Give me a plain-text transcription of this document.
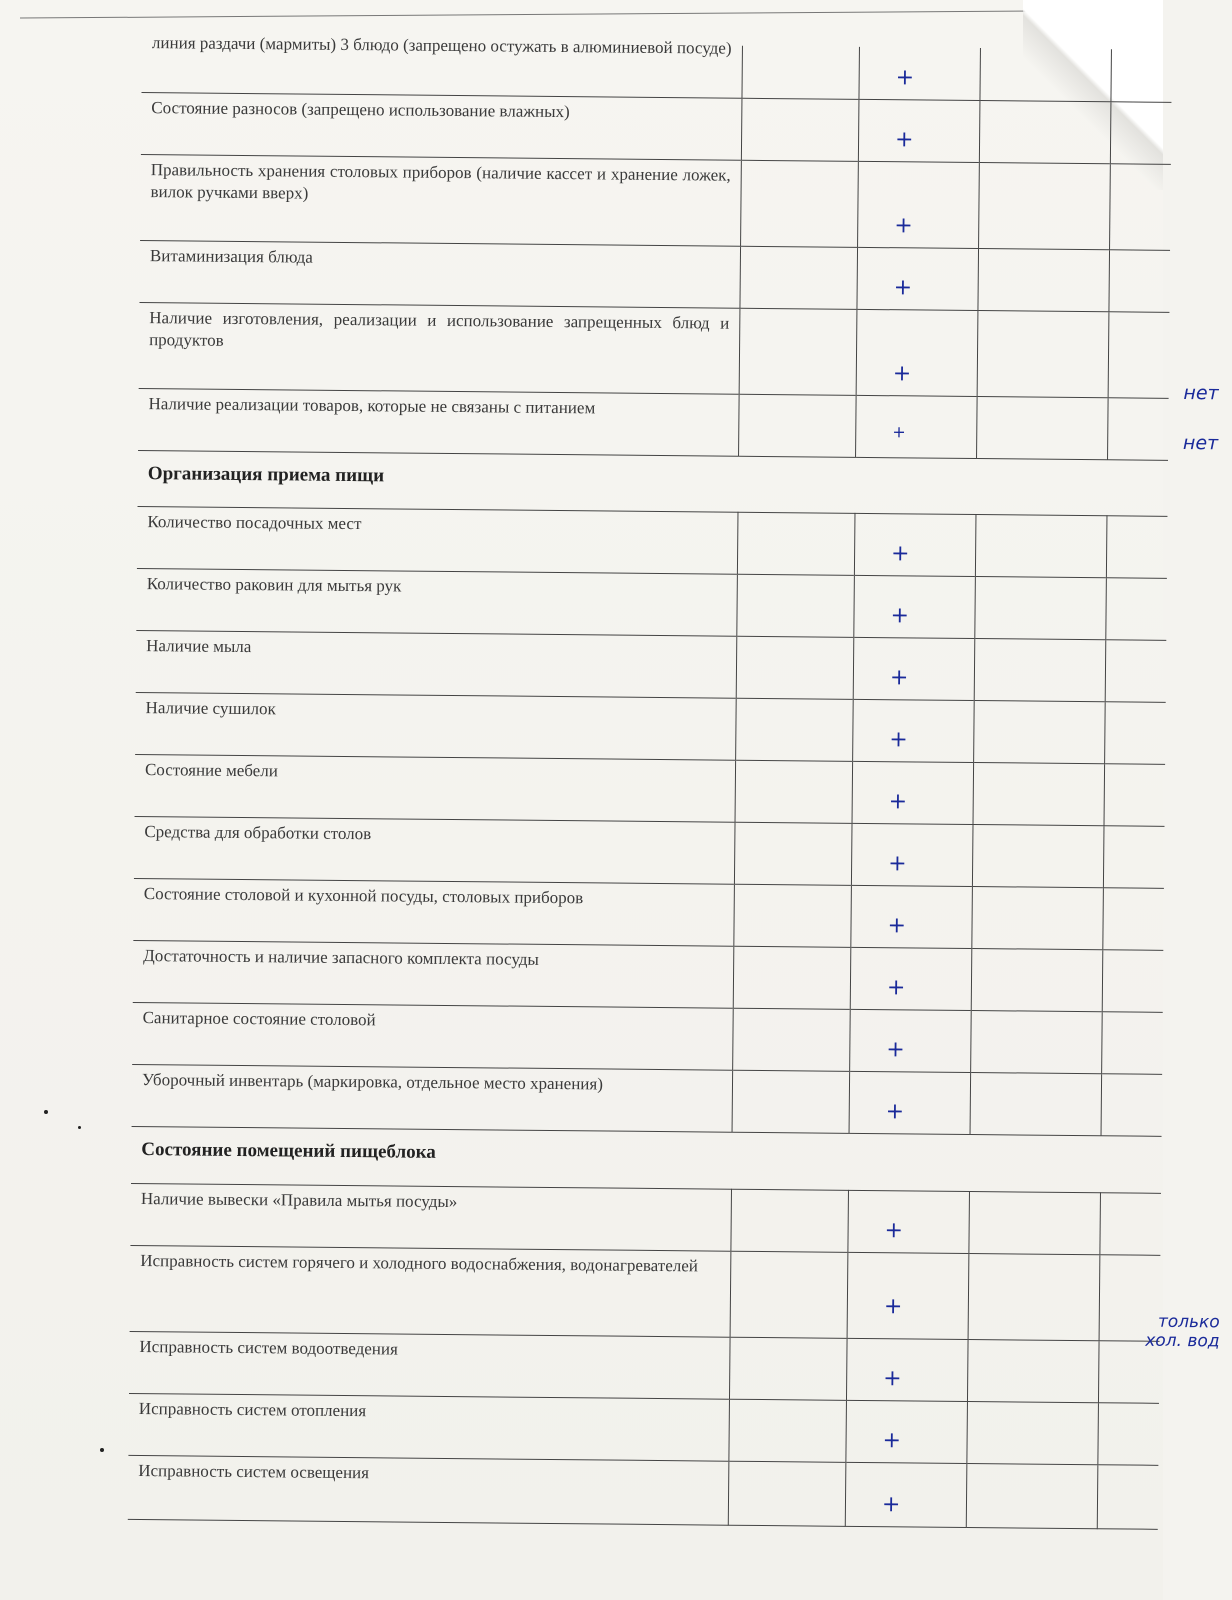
линия раздачи (мармиты) 3 блюдо (запрещено остужать в алюминиевой посуде)		+		

Состояние разносов (запрещено использование влажных)		+		

Правильность хранения столовых приборов (наличие кассет и хранение ложек, вилок ручками вверх)		+		

Витаминизация блюда		+		

Наличие изготовления, реализации и использование запрещенных блюд и продуктов		+		нет

Наличие реализации товаров, которые не связаны с питанием		+		нет

Организация приема пищи				

Количество посадочных мест		+		

Количество раковин для мытья рук		+		

Наличие мыла		+		

Наличие сушилок		+		

Состояние мебели		+		

Средства для обработки столов		+		

Состояние столовой и кухонной посуды, столовых приборов		+		

Достаточность и наличие запасного комплекта посуды		+		

Санитарное состояние столовой		+		

Уборочный инвентарь (маркировка, отдельное место хранения)		+		

Состояние помещений пищеблока				

Наличие вывески «Правила мытья посуды»		+		

Исправность систем горячего и холодного водоснабжения, водонагревателей		+		только
хол. вод

Исправность систем водоотведения		+		

Исправность систем отопления		+		

Исправность систем освещения		+		
